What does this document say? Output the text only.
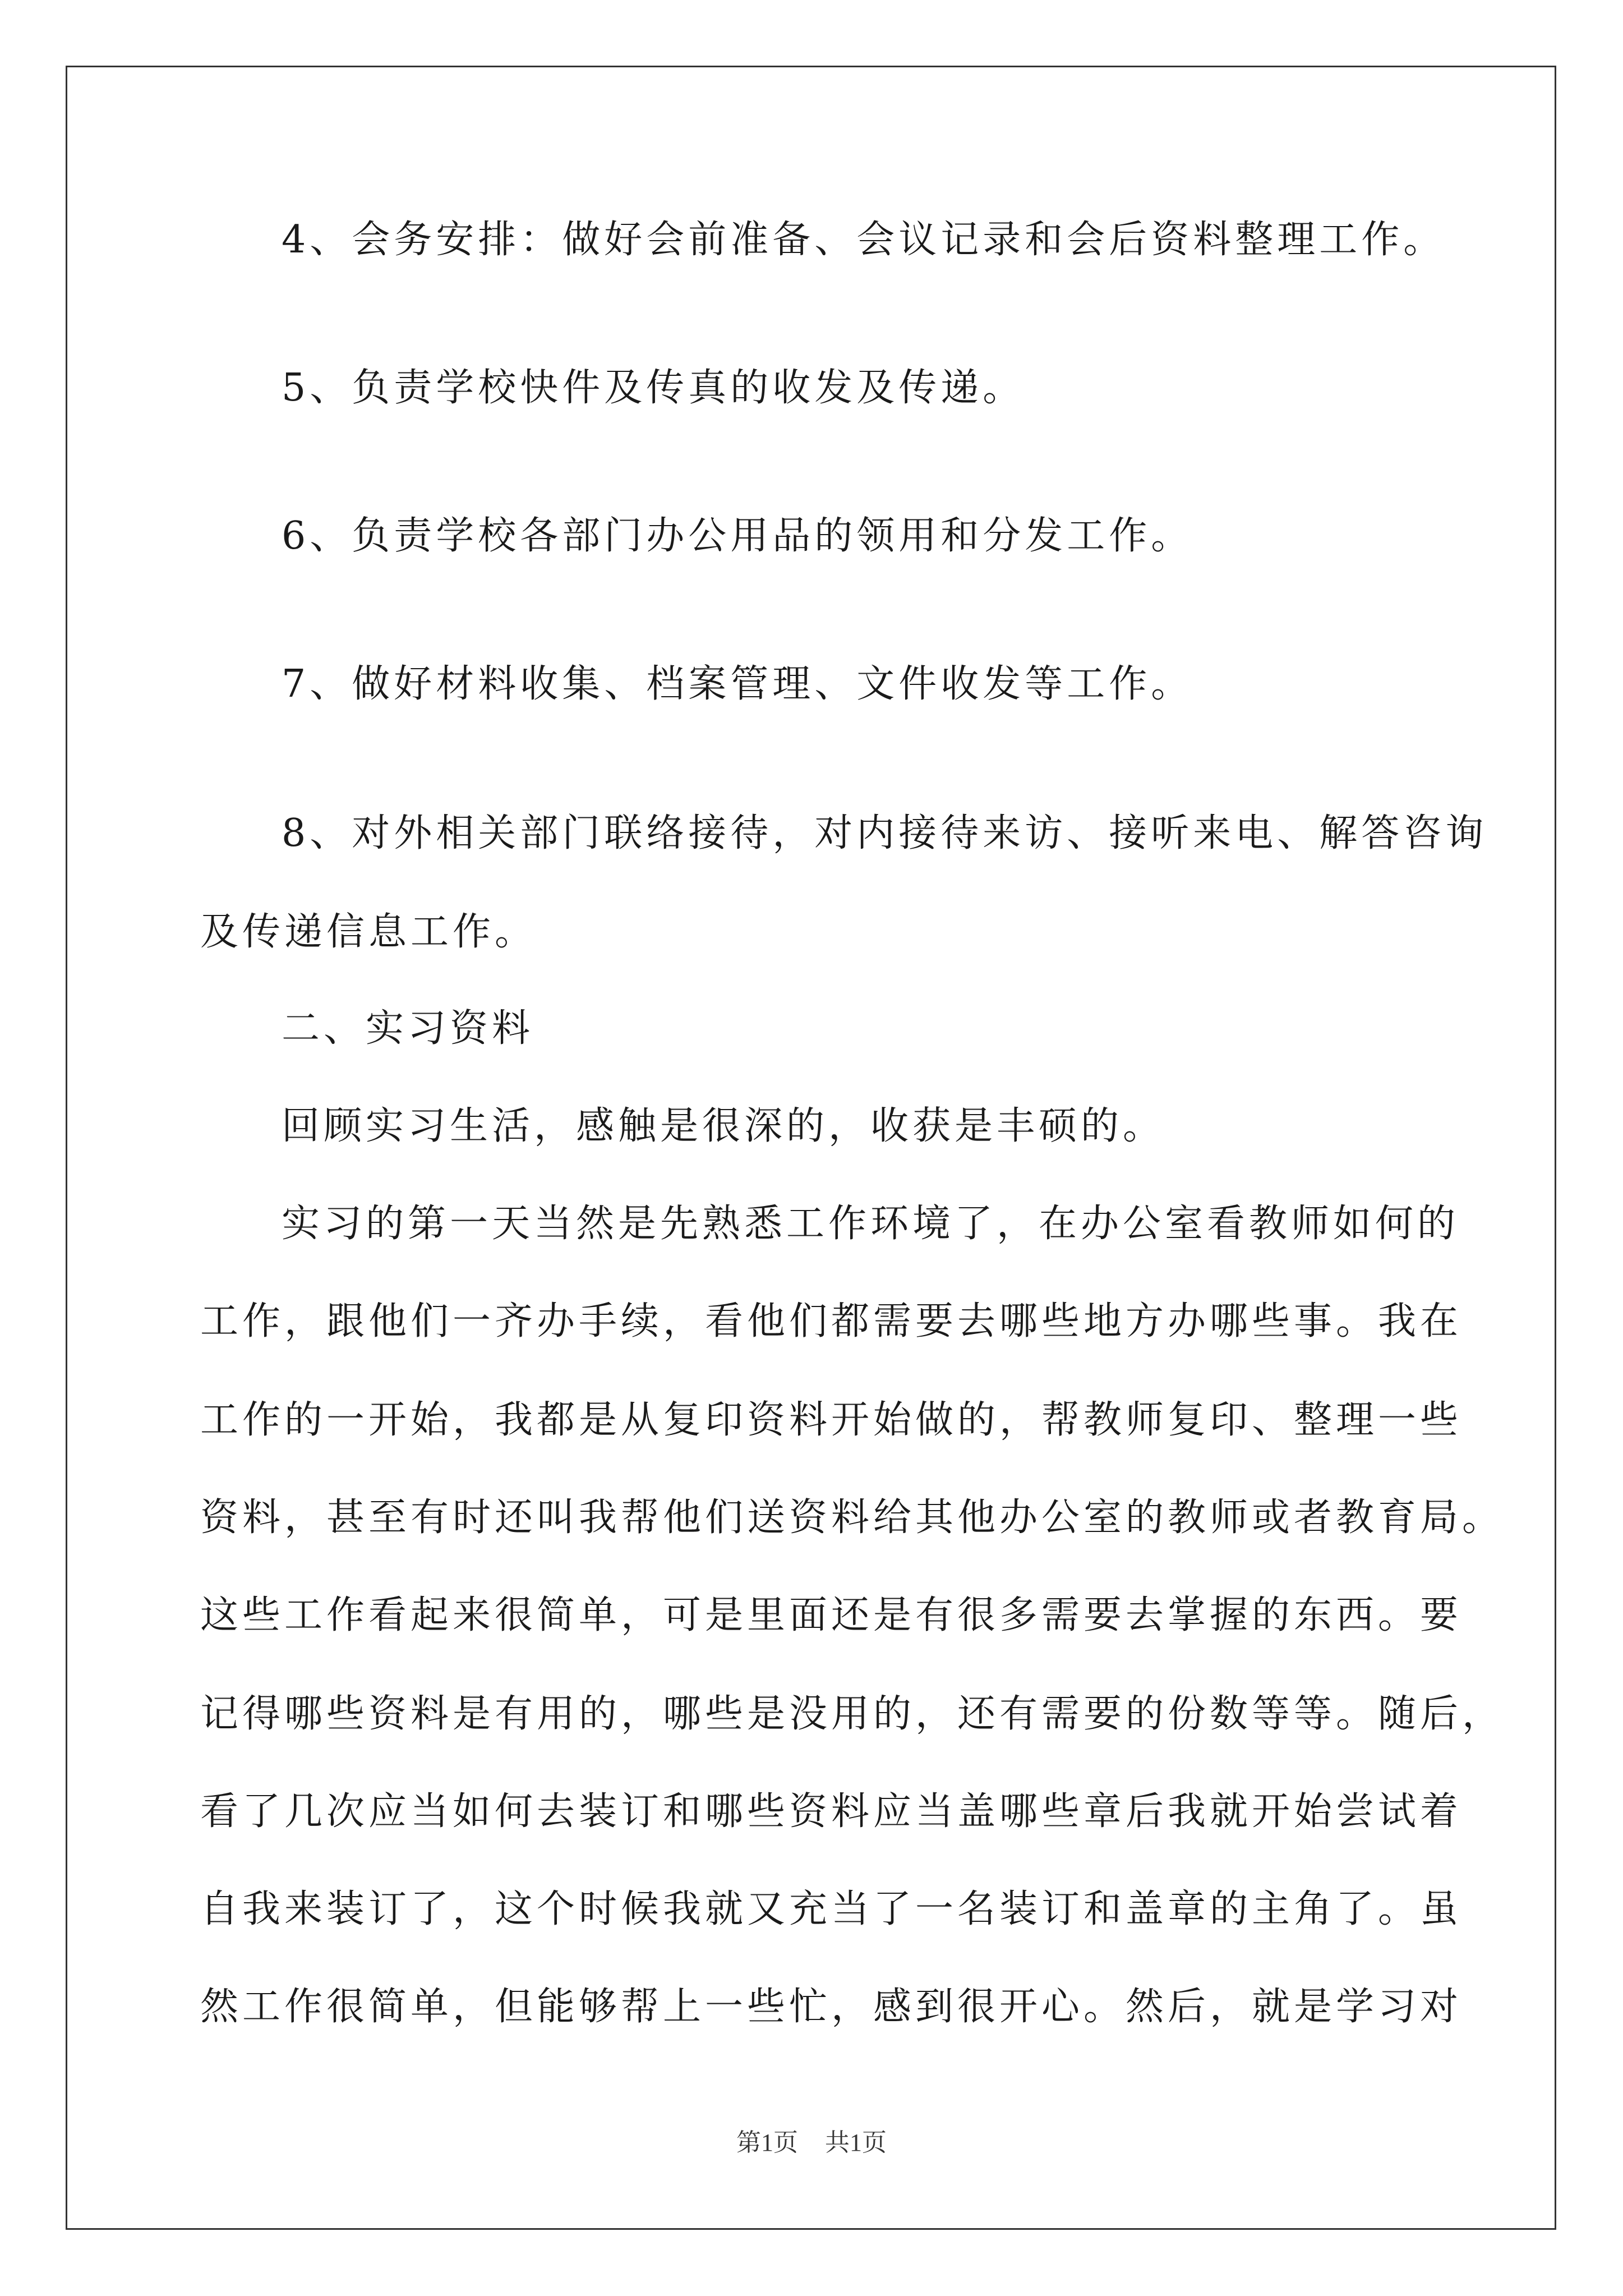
4、会务安排：做好会前准备、会议记录和会后资料整理工作。
5、负责学校快件及传真的收发及传递。
6、负责学校各部门办公用品的领用和分发工作。
7、做好材料收集、档案管理、文件收发等工作。
8、对外相关部门联络接待，对内接待来访、接听来电、解答咨询
及传递信息工作。
二、实习资料
回顾实习生活，感触是很深的，收获是丰硕的。
实习的第一天当然是先熟悉工作环境了，在办公室看教师如何的
工作，跟他们一齐办手续，看他们都需要去哪些地方办哪些事。我在
工作的一开始，我都是从复印资料开始做的，帮教师复印、整理一些
资料，甚至有时还叫我帮他们送资料给其他办公室的教师或者教育局。
这些工作看起来很简单，可是里面还是有很多需要去掌握的东西。要
记得哪些资料是有用的，哪些是没用的，还有需要的份数等等。随后，
看了几次应当如何去装订和哪些资料应当盖哪些章后我就开始尝试着
自我来装订了，这个时候我就又充当了一名装订和盖章的主角了。虽
然工作很简单，但能够帮上一些忙，感到很开心。然后，就是学习对
第1页 共1页
